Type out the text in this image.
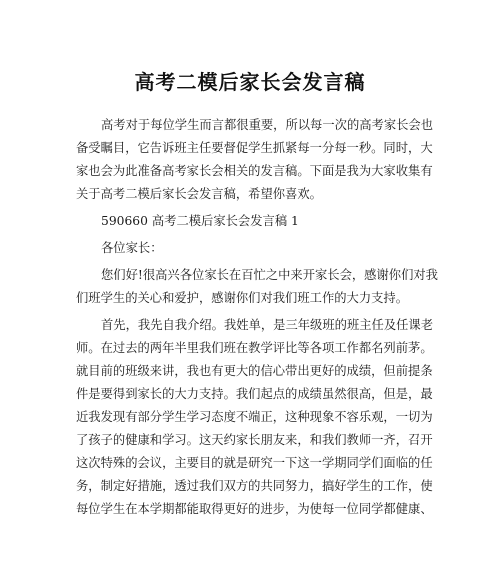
高考二模后家长会发言稿

高考对于每位学生而言都很重要，所以每一次的高考家长会也
备受瞩目，它告诉班主任要督促学生抓紧每一分每一秒。同时，大
家也会为此准备高考家长会相关的发言稿。下面是我为大家收集有
关于高考二模后家长会发言稿，希望你喜欢。

590660 高考二模后家长会发言稿 1

各位家长：

您们好!很高兴各位家长在百忙之中来开家长会，感谢你们对我
们班学生的关心和爱护，感谢你们对我们班工作的大力支持。

首先，我先自我介绍。我姓单，是三年级班的班主任及任课老
师。在过去的两年半里我们班在教学评比等各项工作都名列前茅。
就目前的班级来讲，我也有更大的信心带出更好的成绩，但前提条
件是要得到家长的大力支持。我们起点的成绩虽然很高，但是，最
近我发现有部分学生学习态度不端正，这种现象不容乐观，一切为
了孩子的健康和学习。这天约家长朋友来，和我们教师一齐，召开
这次特殊的会议，主要目的就是研究一下这一学期同学们面临的任
务，制定好措施，透过我们双方的共同努力，搞好学生的工作，使
每位学生在本学期都能取得更好的进步，为使每一位同学都健康、
